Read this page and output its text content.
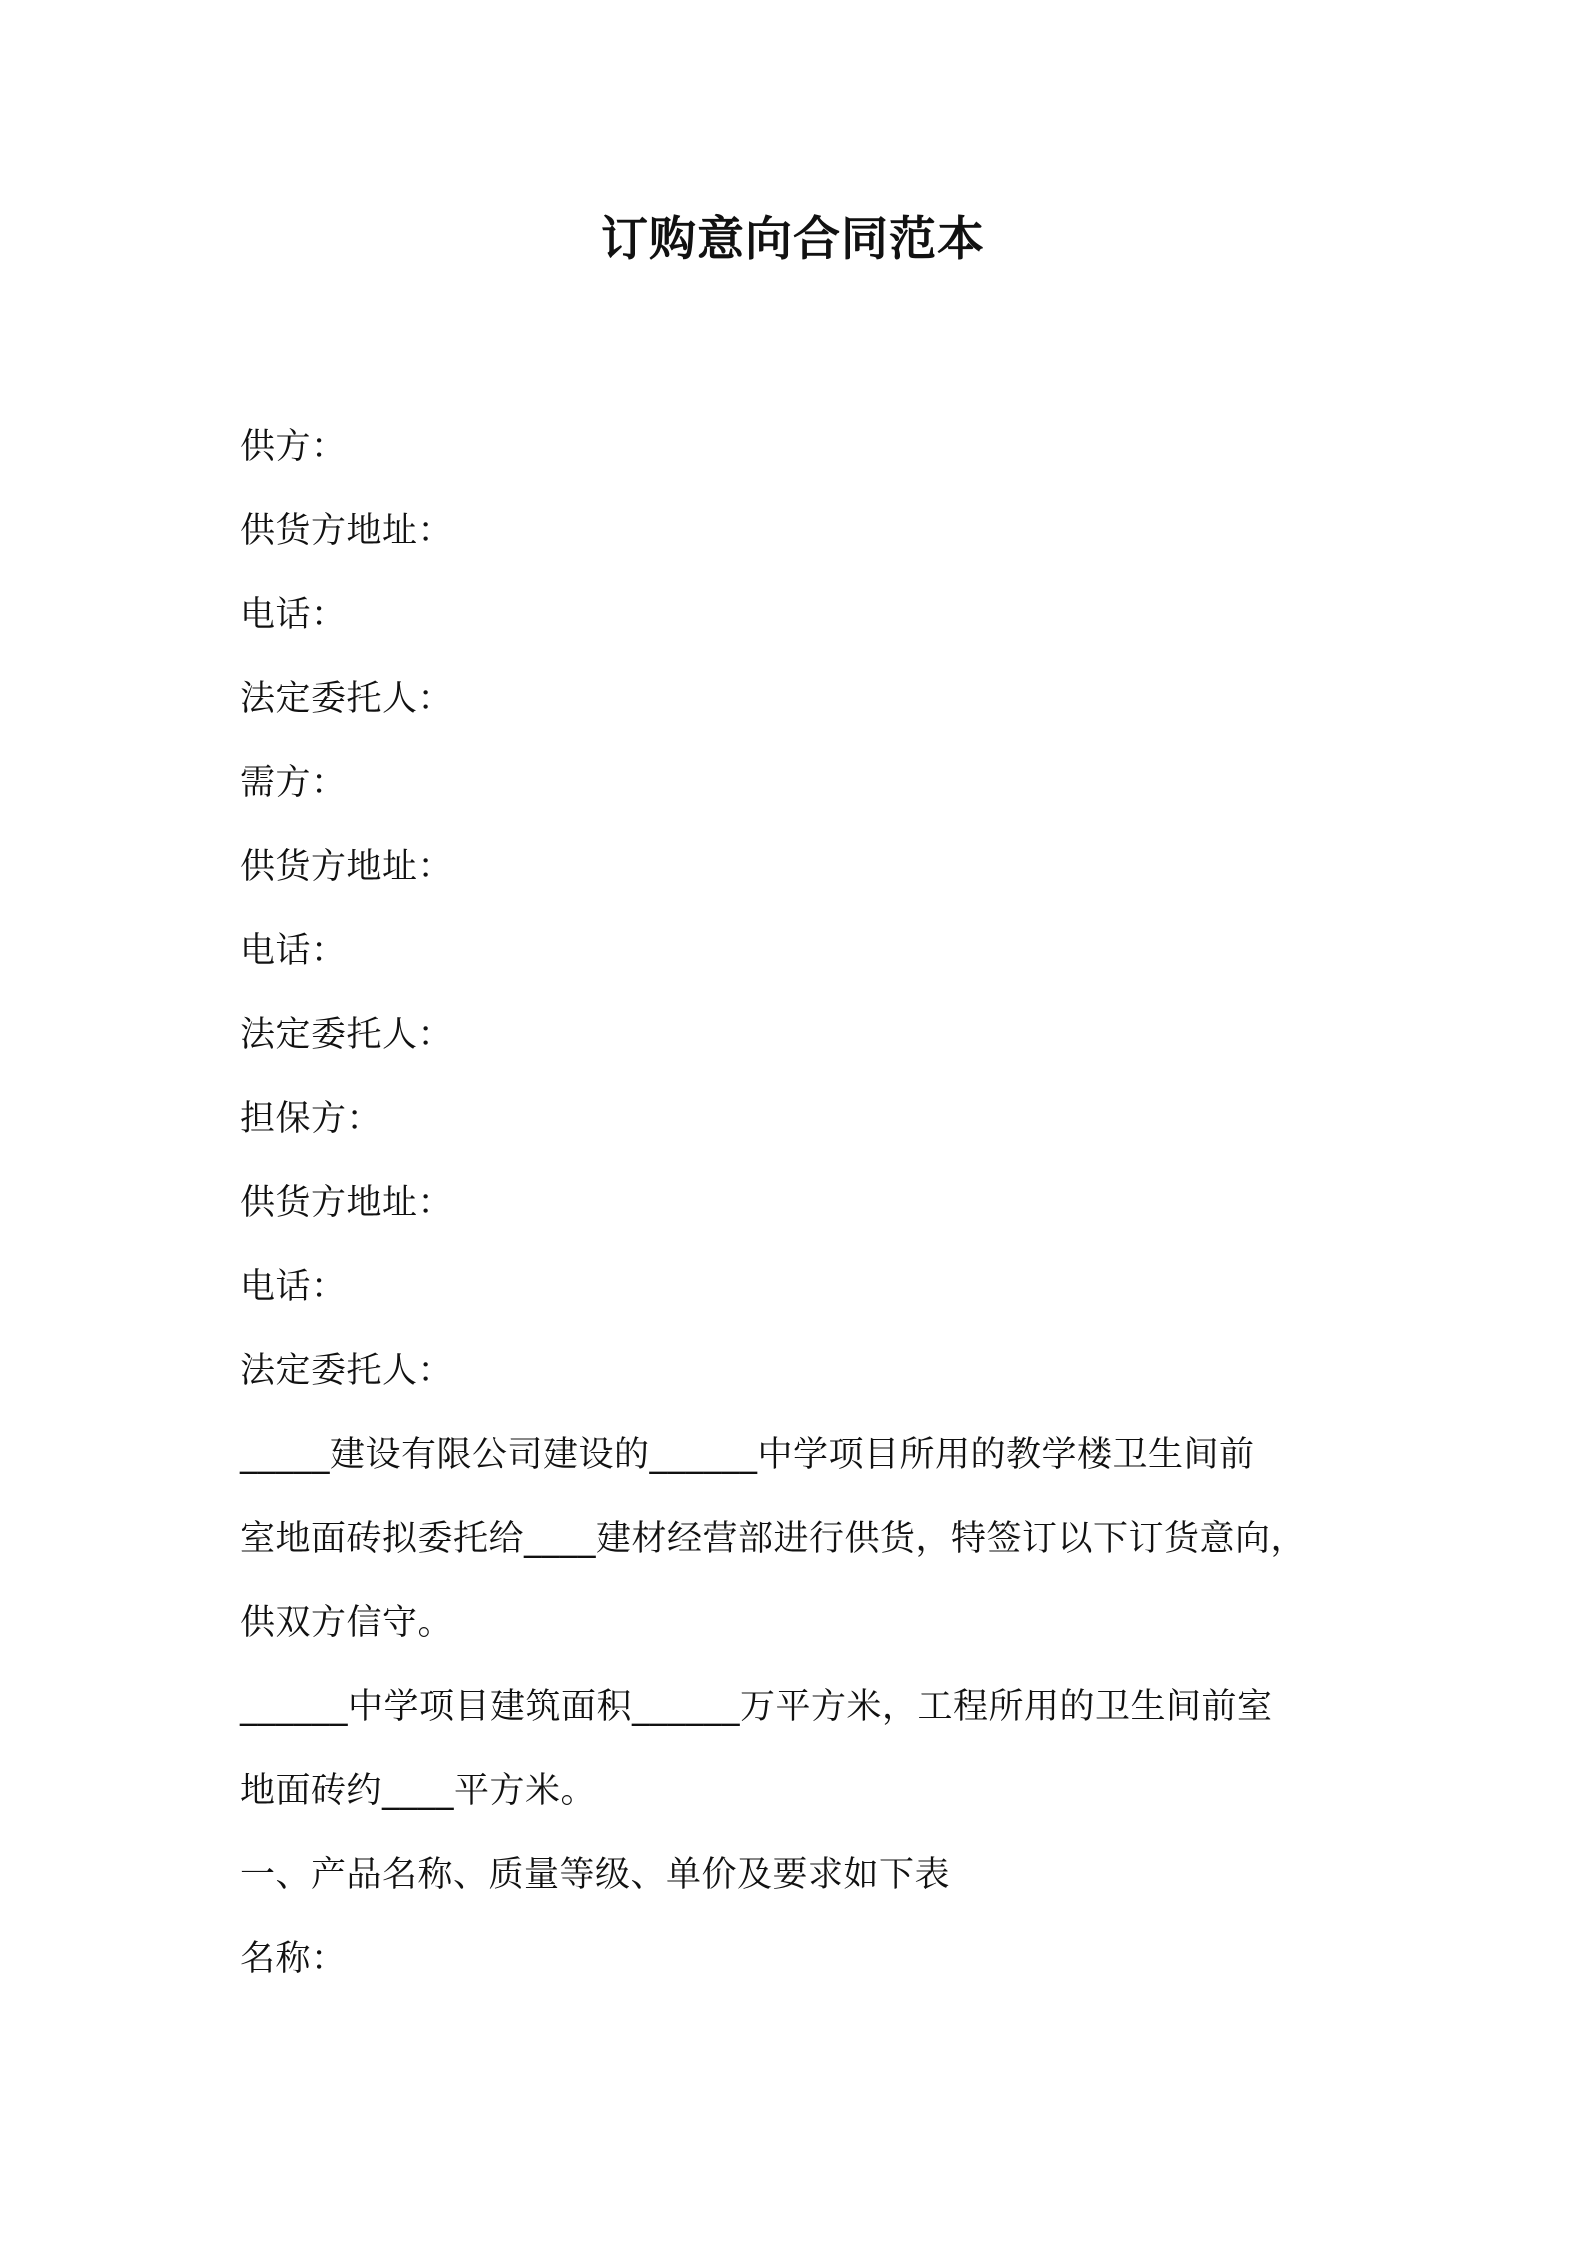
订购意向合同范本
供方：
供货方地址：
电话：
法定委托人：
需方：
供货方地址：
电话：
法定委托人：
担保方：
供货方地址：
电话：
法定委托人：
_____建设有限公司建设的______中学项目所用的教学楼卫生间前
室地面砖拟委托给____建材经营部进行供货，特签订以下订货意向，
供双方信守。
______中学项目建筑面积______万平方米，工程所用的卫生间前室
地面砖约____平方米。
一、产品名称、质量等级、单价及要求如下表
名称：
